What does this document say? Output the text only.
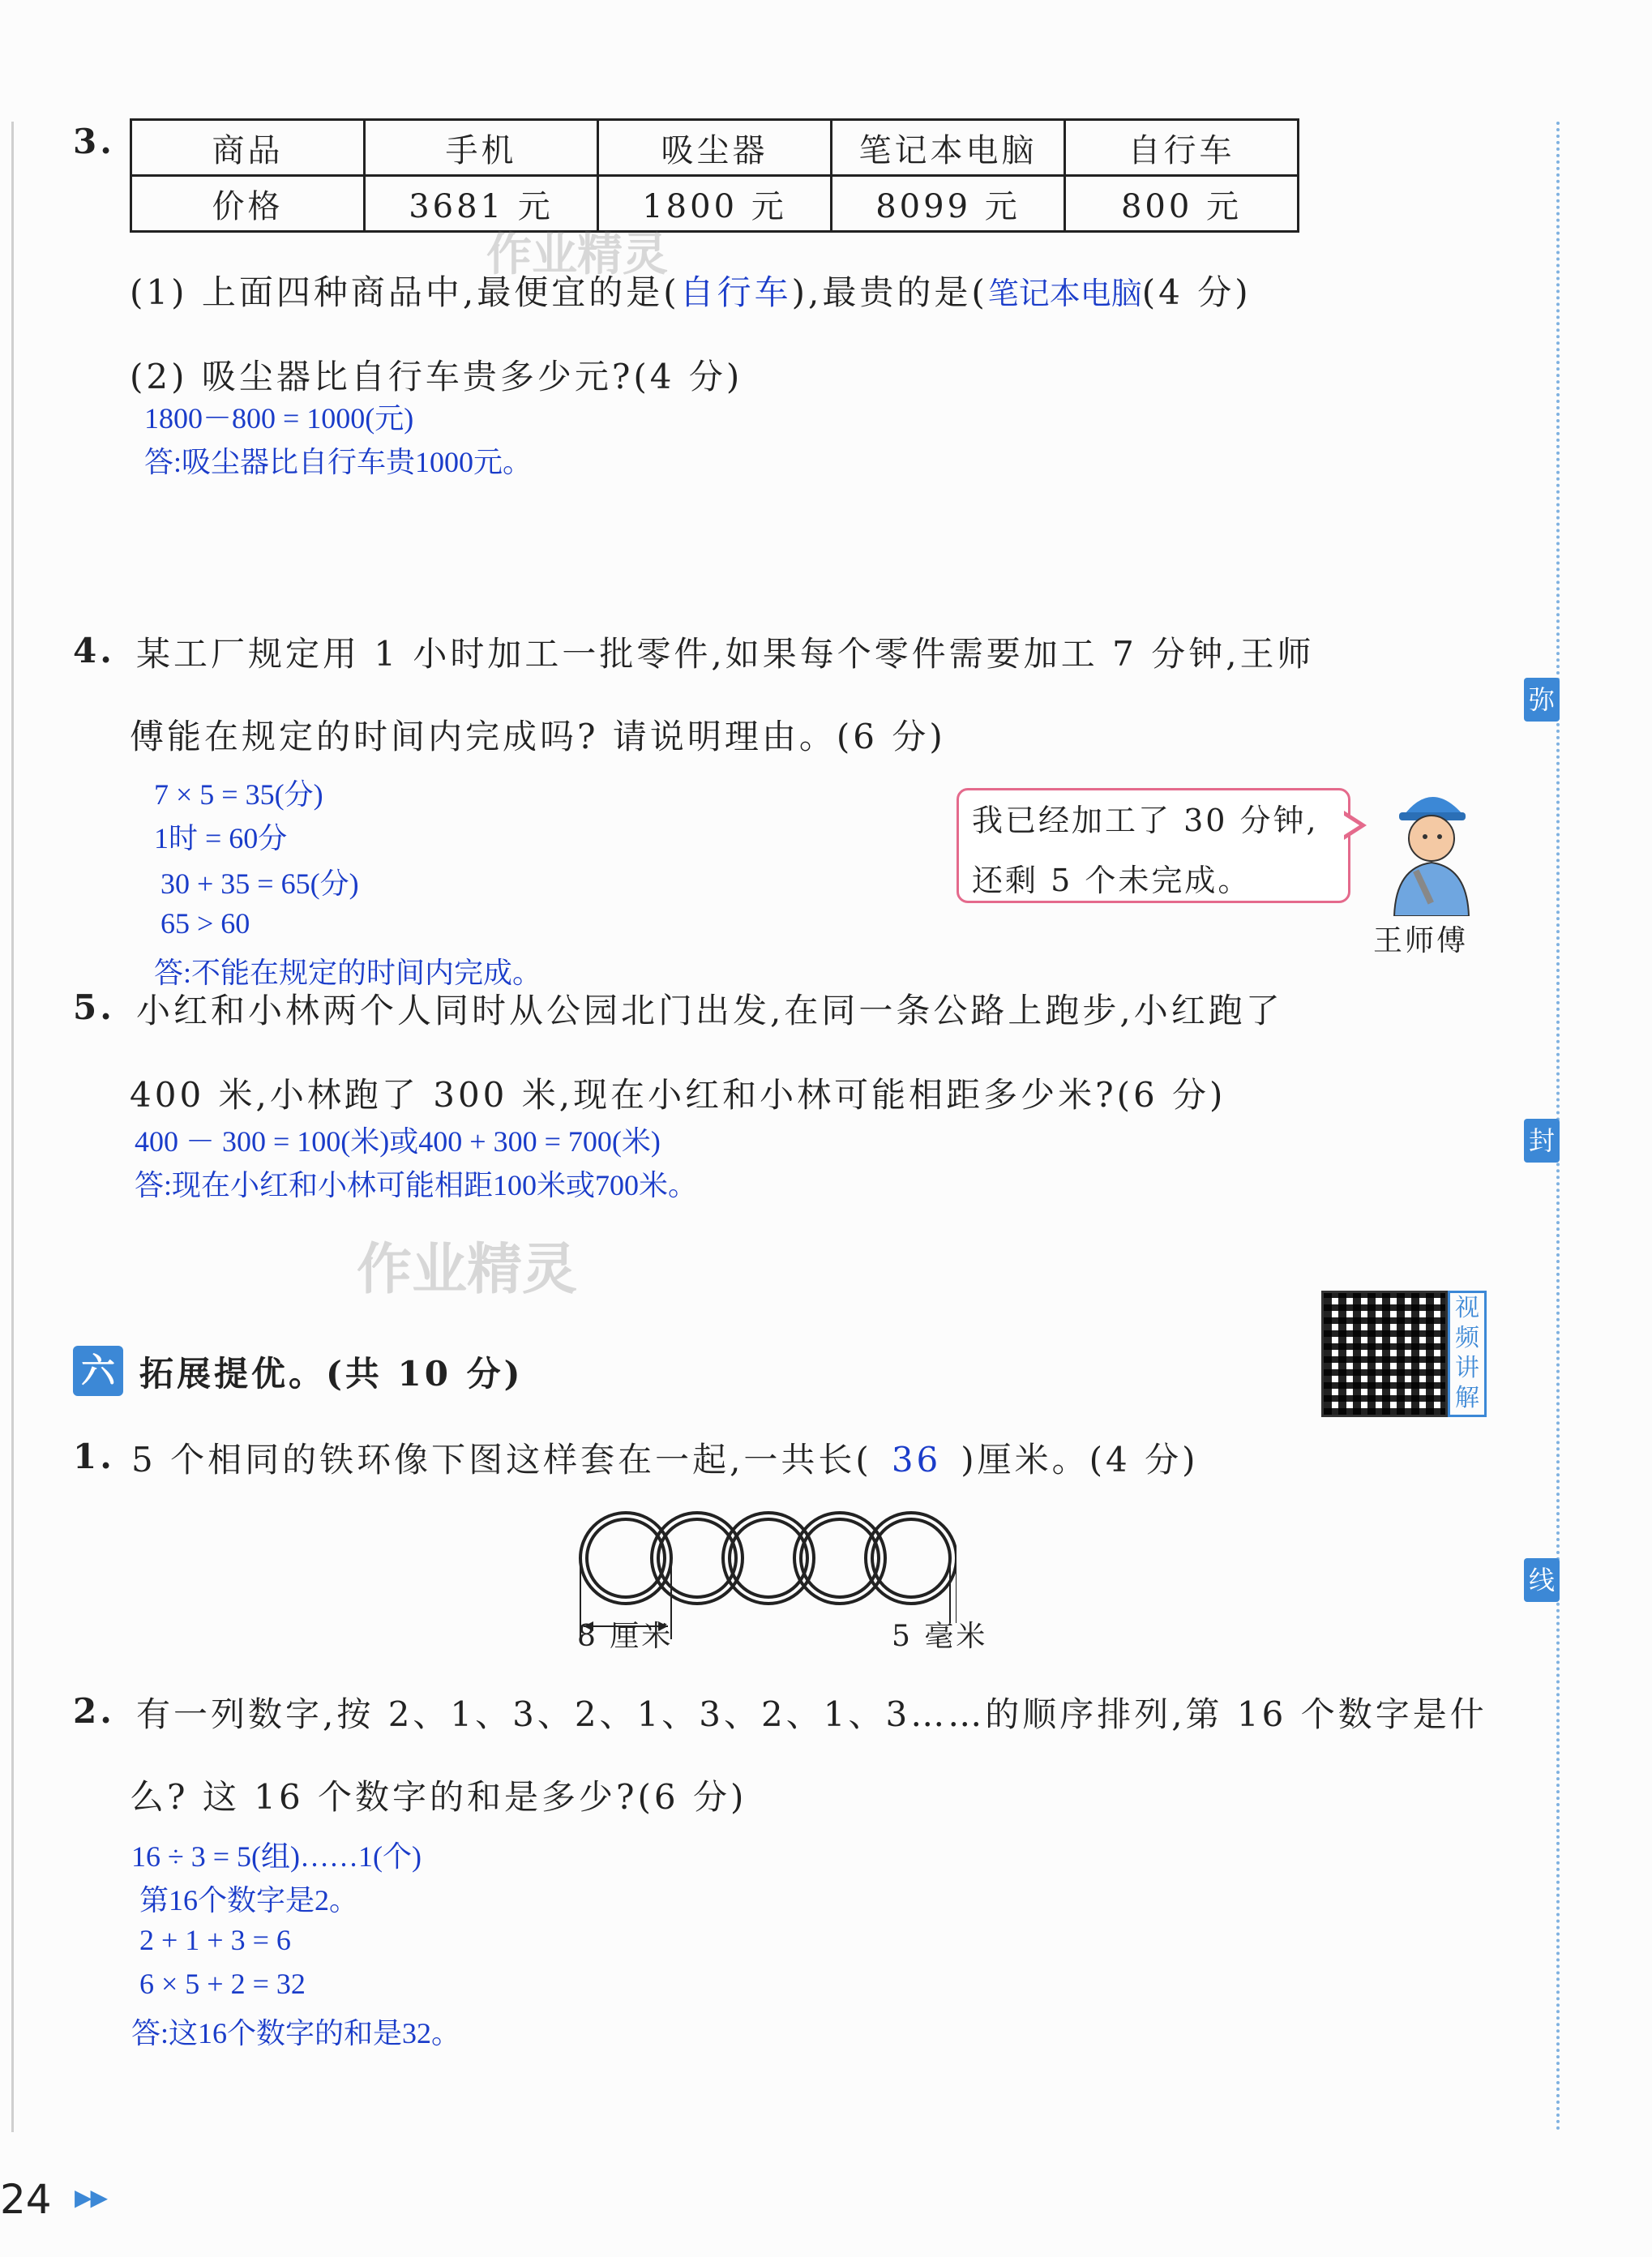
弥
封
线
3.	商品	手机	吸尘器	笔记本电脑	自行车
价格	3681 元	1800 元	8099 元	800 元
作业精灵
(1) 上面四种商品中,最便宜的是(自行车),最贵的是(笔记本电脑(4 分)
(2) 吸尘器比自行车贵多少元?(4 分)
1800－800 = 1000(元)
答:吸尘器比自行车贵1000元。
4. 某工厂规定用 1 小时加工一批零件,如果每个零件需要加工 7 分钟,王师
傅能在规定的时间内完成吗? 请说明理由。(6 分)
7 × 5 = 35(分)
1时 = 60分
30 + 35 = 65(分)
65 > 60
答:不能在规定的时间内完成。
我已经加工了 30 分钟,
还剩 5 个未完成。
王师傅
5. 小红和小林两个人同时从公园北门出发,在同一条公路上跑步,小红跑了
400 米,小林跑了 300 米,现在小红和小林可能相距多少米?(6 分)
400 － 300 = 100(米)或400 + 300 = 700(米)
答:现在小红和小林可能相距100米或700米。
作业精灵
六 拓展提优。(共 10 分)
视频讲解
1. 5 个相同的铁环像下图这样套在一起,一共长( 36 )厘米。(4 分)
8 厘米	5 毫米
2. 有一列数字,按 2、1、3、2、1、3、2、1、3……的顺序排列,第 16 个数字是什
么? 这 16 个数字的和是多少?(6 分)
16 ÷ 3 = 5(组)……1(个)
第16个数字是2。
2 + 1 + 3 = 6
6 × 5 + 2 = 32
答:这16个数字的和是32。
24 ▶▶
